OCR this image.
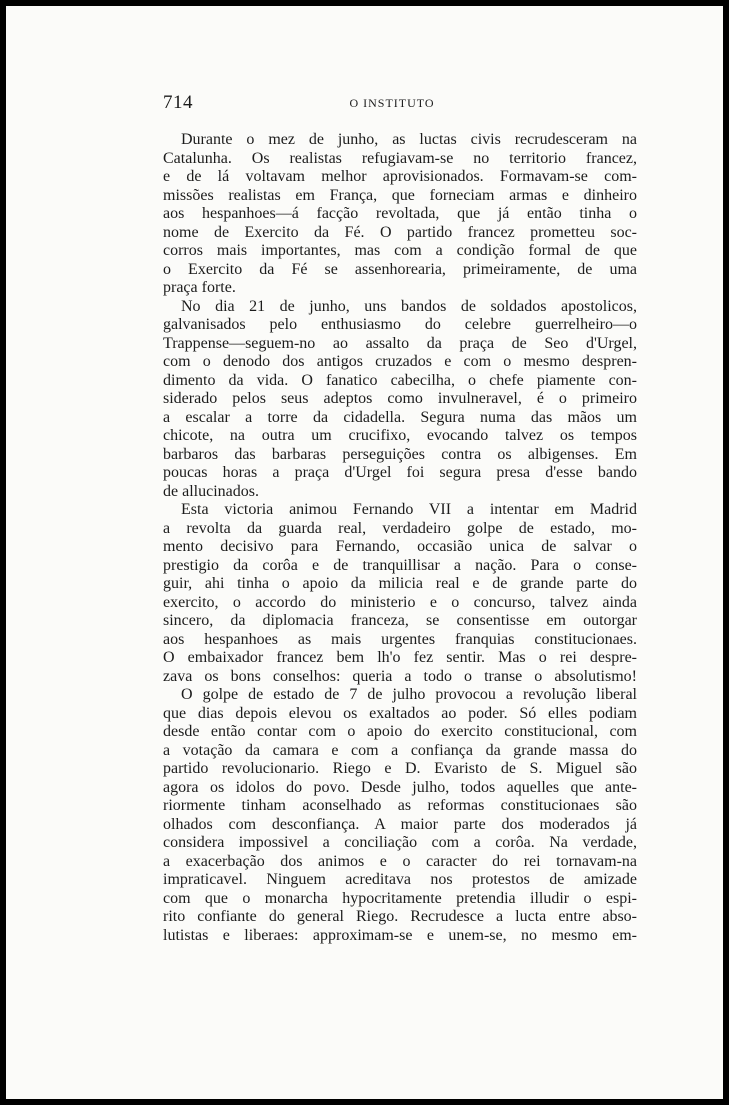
714	O INSTITUTO
Durante o mez de junho, as luctas civis recrudesceram na
Catalunha. Os realistas refugiavam-se no territorio francez,
e de lá voltavam melhor aprovisionados. Formavam-se com-
missões realistas em França, que forneciam armas e dinheiro
aos hespanhoes—á facção revoltada, que já então tinha o
nome de Exercito da Fé. O partido francez prometteu soc-
corros mais importantes, mas com a condição formal de que
o Exercito da Fé se assenhorearia, primeiramente, de uma
praça forte.
No dia 21 de junho, uns bandos de soldados apostolicos,
galvanisados pelo enthusiasmo do celebre guerrelheiro—o
Trappense—seguem-no ao assalto da praça de Seo d'Urgel,
com o denodo dos antigos cruzados e com o mesmo despren-
dimento da vida. O fanatico cabecilha, o chefe piamente con-
siderado pelos seus adeptos como invulneravel, é o primeiro
a escalar a torre da cidadella. Segura numa das mãos um
chicote, na outra um crucifixo, evocando talvez os tempos
barbaros das barbaras perseguições contra os albigenses. Em
poucas horas a praça d'Urgel foi segura presa d'esse bando
de allucinados.
Esta victoria animou Fernando VII a intentar em Madrid
a revolta da guarda real, verdadeiro golpe de estado, mo-
mento decisivo para Fernando, occasião unica de salvar o
prestigio da corôa e de tranquillisar a nação. Para o conse-
guir, ahi tinha o apoio da milicia real e de grande parte do
exercito, o accordo do ministerio e o concurso, talvez ainda
sincero, da diplomacia franceza, se consentisse em outorgar
aos hespanhoes as mais urgentes franquias constitucionaes.
O embaixador francez bem lh'o fez sentir. Mas o rei despre-
zava os bons conselhos: queria a todo o transe o absolutismo!
O golpe de estado de 7 de julho provocou a revolução liberal
que dias depois elevou os exaltados ao poder. Só elles podiam
desde então contar com o apoio do exercito constitucional, com
a votação da camara e com a confiança da grande massa do
partido revolucionario. Riego e D. Evaristo de S. Miguel são
agora os idolos do povo. Desde julho, todos aquelles que ante-
riormente tinham aconselhado as reformas constitucionaes são
olhados com desconfiança. A maior parte dos moderados já
considera impossivel a conciliação com a corôa. Na verdade,
a exacerbação dos animos e o caracter do rei tornavam-na
impraticavel. Ninguem acreditava nos protestos de amizade
com que o monarcha hypocritamente pretendia illudir o espi-
rito confiante do general Riego. Recrudesce a lucta entre abso-
lutistas e liberaes: approximam-se e unem-se, no mesmo em-
